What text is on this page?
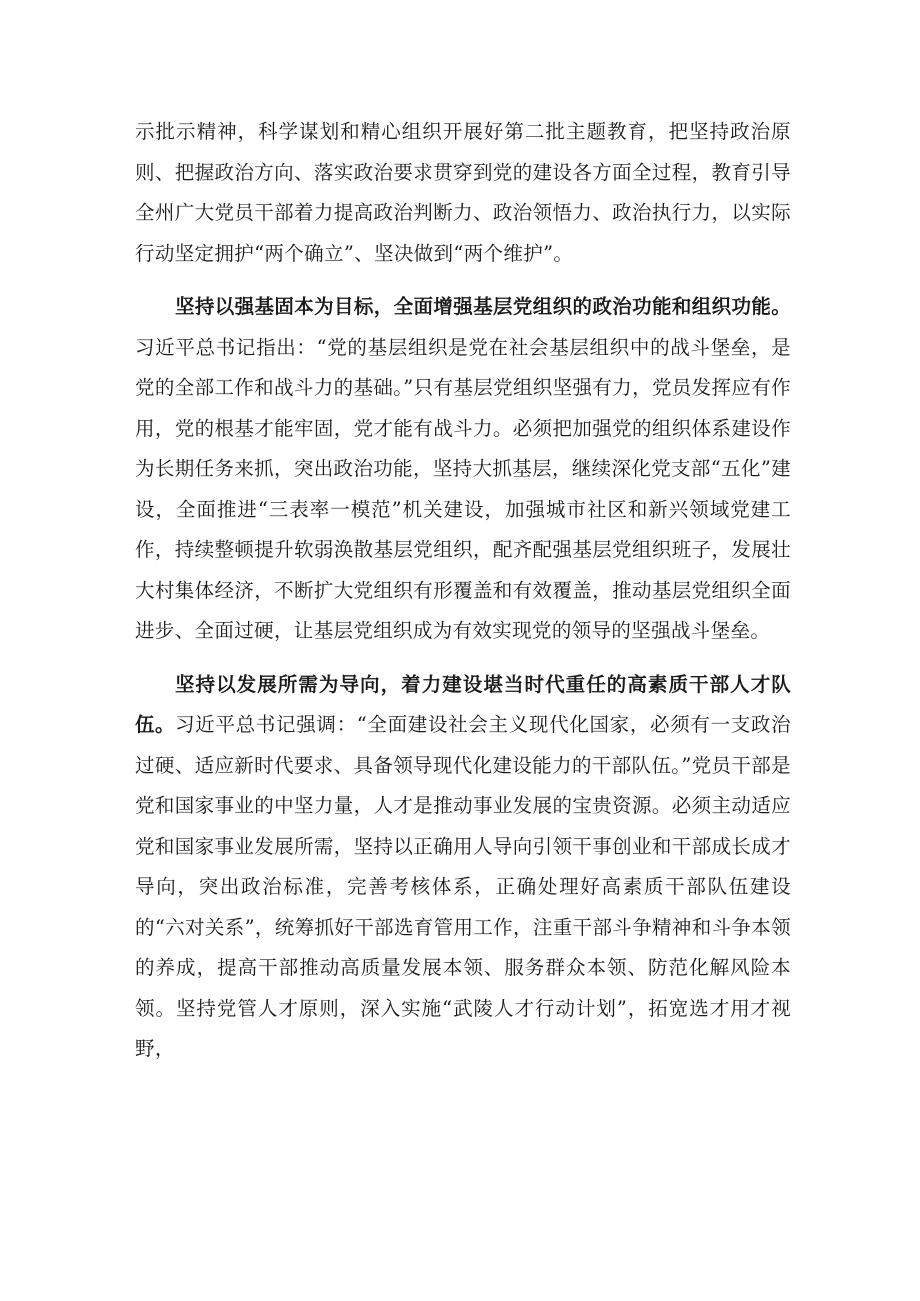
示批示精神，科学谋划和精心组织开展好第二批主题教育，把坚持政治原则、把握政治方向、落实政治要求贯穿到党的建设各方面全过程，教育引导全州广大党员干部着力提高政治判断力、政治领悟力、政治执行力，以实际行动坚定拥护“两个确立”、坚决做到“两个维护”。

坚持以强基固本为目标，全面增强基层党组织的政治功能和组织功能。习近平总书记指出：“党的基层组织是党在社会基层组织中的战斗堡垒，是党的全部工作和战斗力的基础。”只有基层党组织坚强有力，党员发挥应有作用，党的根基才能牢固，党才能有战斗力。必须把加强党的组织体系建设作为长期任务来抓，突出政治功能，坚持大抓基层，继续深化党支部“五化”建设，全面推进“三表率一模范”机关建设，加强城市社区和新兴领域党建工作，持续整顿提升软弱涣散基层党组织，配齐配强基层党组织班子，发展壮大村集体经济，不断扩大党组织有形覆盖和有效覆盖，推动基层党组织全面进步、全面过硬，让基层党组织成为有效实现党的领导的坚强战斗堡垒。

坚持以发展所需为导向，着力建设堪当时代重任的高素质干部人才队伍。习近平总书记强调：“全面建设社会主义现代化国家，必须有一支政治过硬、适应新时代要求、具备领导现代化建设能力的干部队伍。”党员干部是党和国家事业的中坚力量，人才是推动事业发展的宝贵资源。必须主动适应党和国家事业发展所需，坚持以正确用人导向引领干事创业和干部成长成才导向，突出政治标准，完善考核体系，正确处理好高素质干部队伍建设的“六对关系”，统筹抓好干部选育管用工作，注重干部斗争精神和斗争本领的养成，提高干部推动高质量发展本领、服务群众本领、防范化解风险本领。坚持党管人才原则，深入实施“武陵人才行动计划”，拓宽选才用才视野，
